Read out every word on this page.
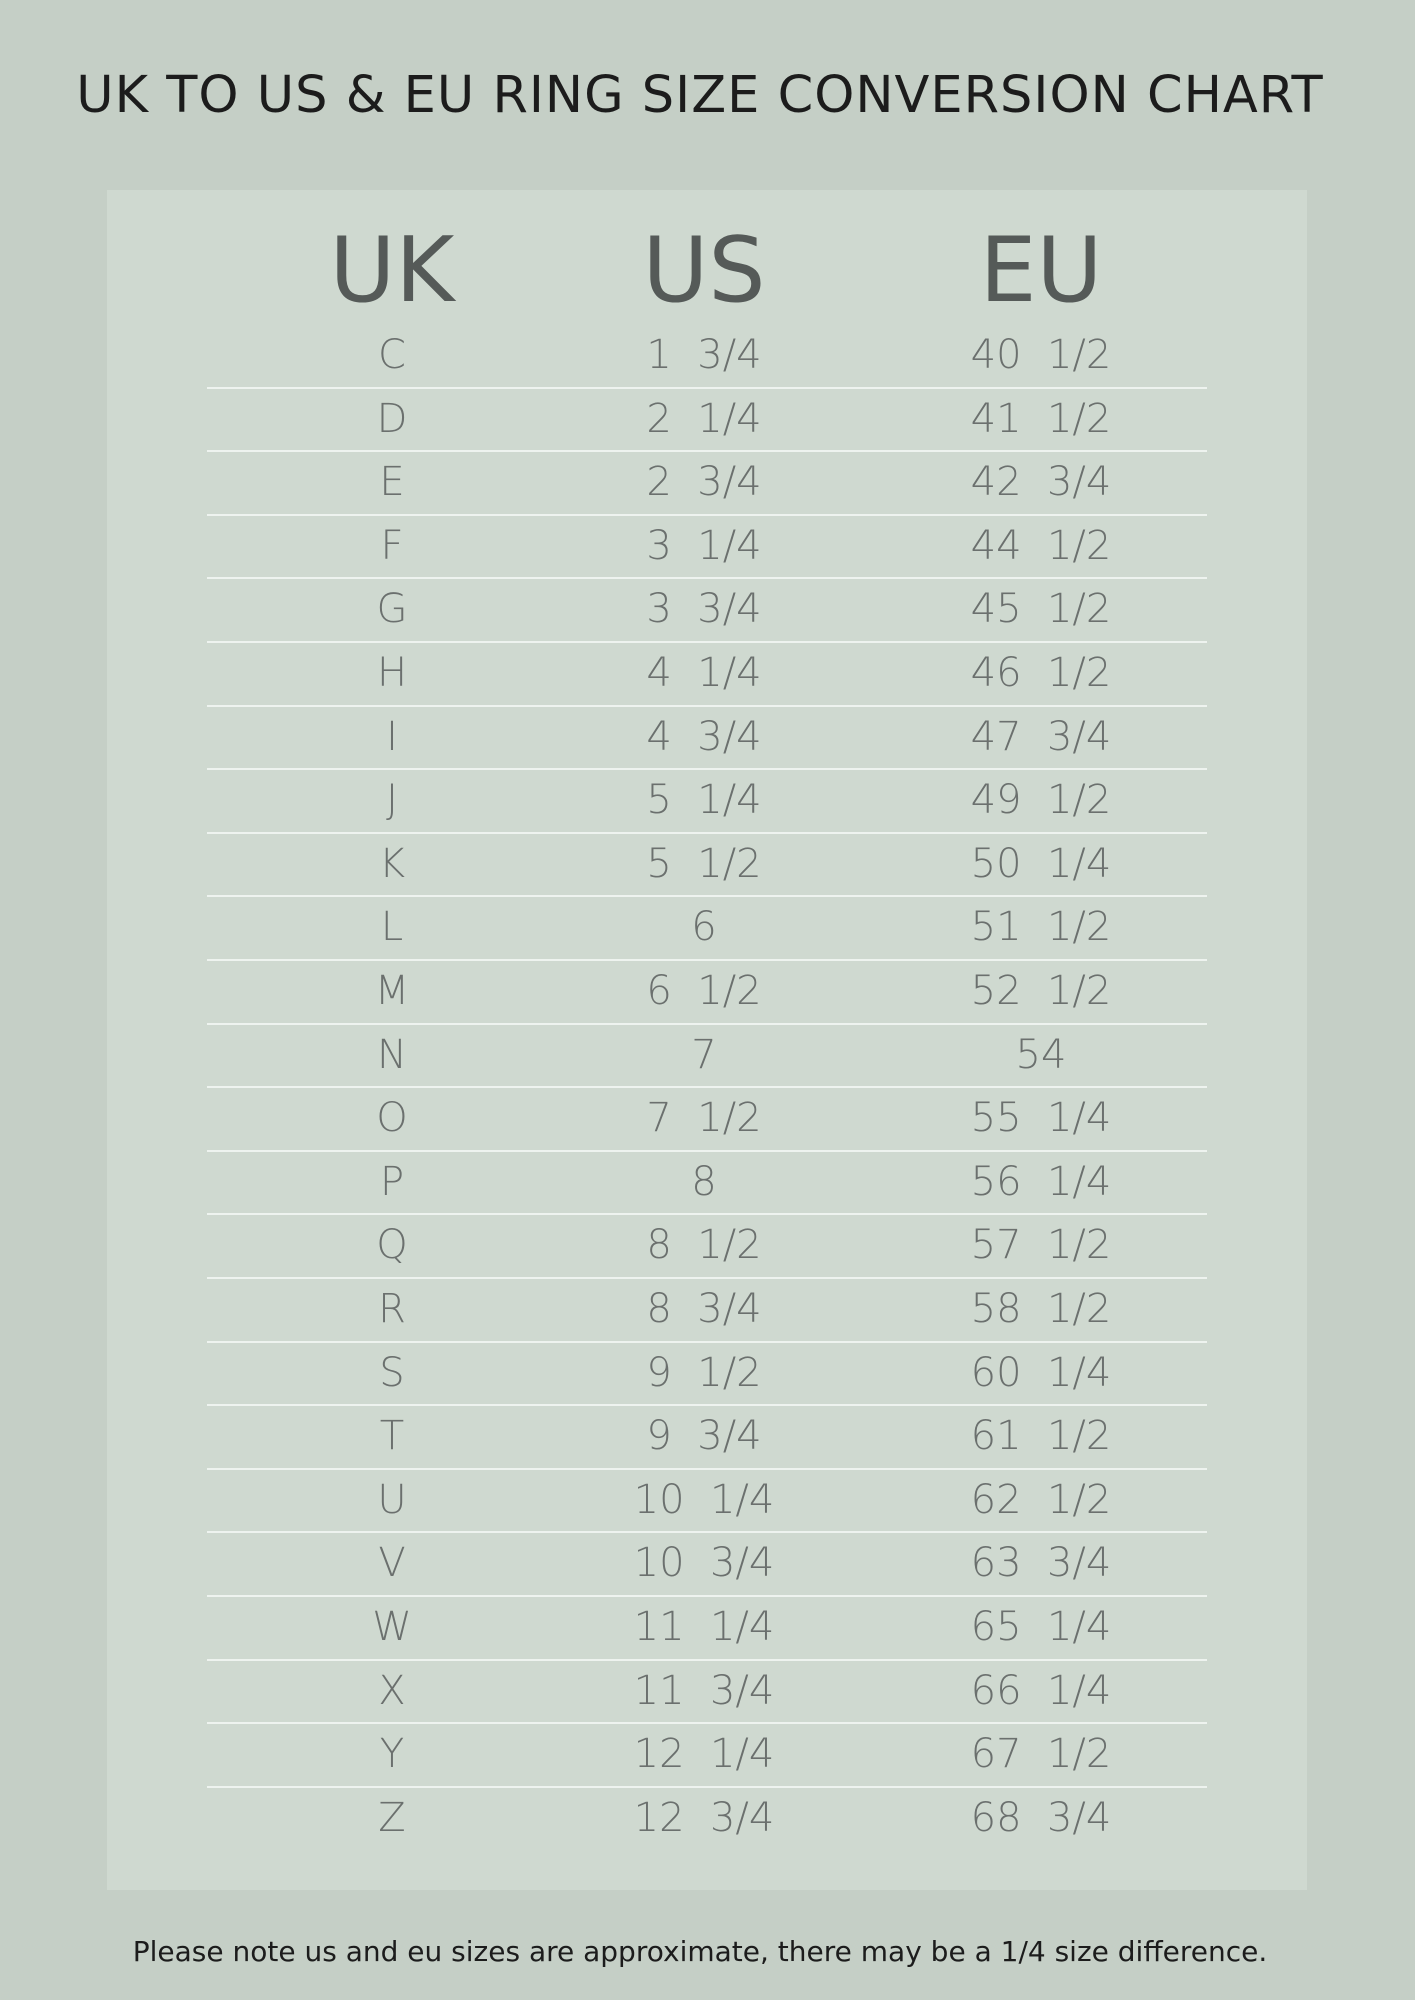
UK TO US & EU RING SIZE CONVERSION CHART
UK	US	EU
C	1  3/4	40  1/2
D	2  1/4	41  1/2
E	2  3/4	42  3/4
F	3  1/4	44  1/2
G	3  3/4	45  1/2
H	4  1/4	46  1/2
I	4  3/4	47  3/4
J	5  1/4	49  1/2
K	5  1/2	50  1/4
L	6	51  1/2
M	6  1/2	52  1/2
N	7	54
O	7  1/2	55  1/4
P	8	56  1/4
Q	8  1/2	57  1/2
R	8  3/4	58  1/2
S	9  1/2	60  1/4
T	9  3/4	61  1/2
U	10  1/4	62  1/2
V	10  3/4	63  3/4
W	11  1/4	65  1/4
X	11  3/4	66  1/4
Y	12  1/4	67  1/2
Z	12  3/4	68  3/4
Please note us and eu sizes are approximate, there may be a 1/4 size difference.
